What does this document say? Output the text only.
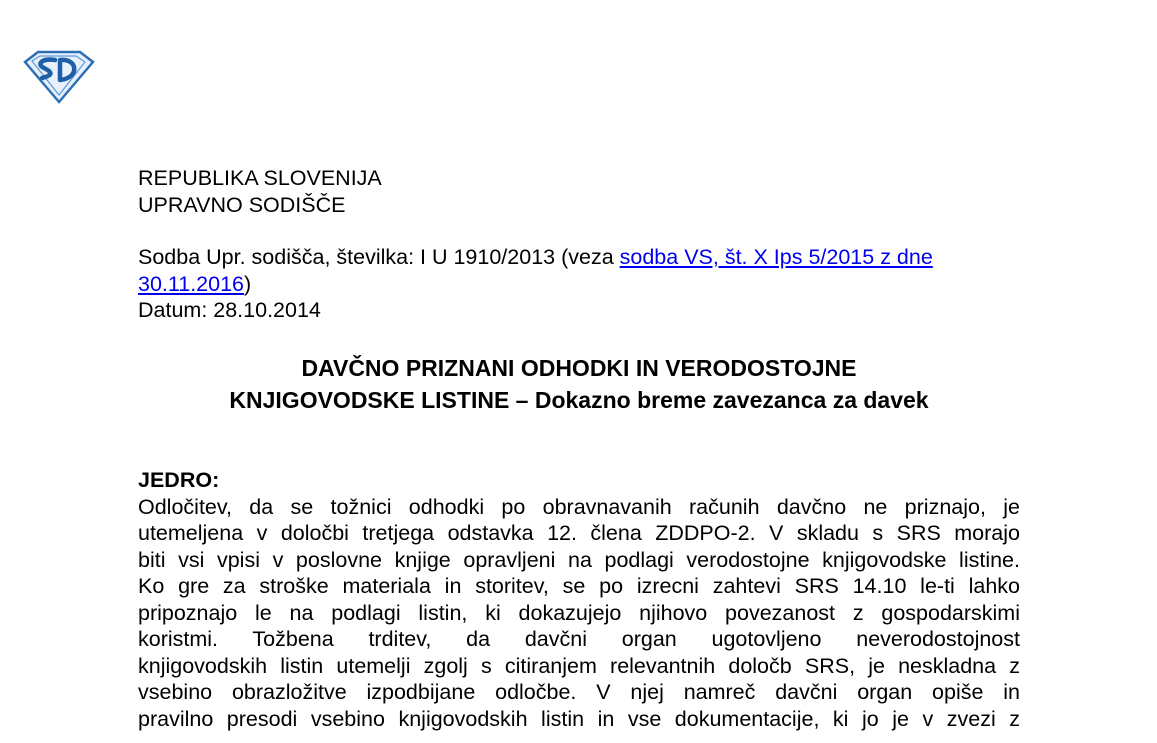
REPUBLIKA SLOVENIJA
UPRAVNO SODIŠČE
Sodba Upr. sodišča, številka: I U 1910/2013 (veza sodba VS, št. X Ips 5/2015 z dne
30.11.2016)
Datum: 28.10.2014
DAVČNO PRIZNANI ODHODKI IN VERODOSTOJNE
KNJIGOVODSKE LISTINE – Dokazno breme zavezanca za davek
JEDRO:
Odločitev, da se tožnici odhodki po obravnavanih računih davčno ne priznajo, je
utemeljena v določbi tretjega odstavka 12. člena ZDDPO-2. V skladu s SRS morajo
biti vsi vpisi v poslovne knjige opravljeni na podlagi verodostojne knjigovodske listine.
Ko gre za stroške materiala in storitev, se po izrecni zahtevi SRS 14.10 le-ti lahko
pripoznajo le na podlagi listin, ki dokazujejo njihovo povezanost z gospodarskimi
koristmi. Tožbena trditev, da davčni organ ugotovljeno neverodostojnost
knjigovodskih listin utemelji zgolj s citiranjem relevantnih določb SRS, je neskladna z
vsebino obrazložitve izpodbijane odločbe. V njej namreč davčni organ opiše in
pravilno presodi vsebino knjigovodskih listin in vse dokumentacije, ki jo je v zvezi z
